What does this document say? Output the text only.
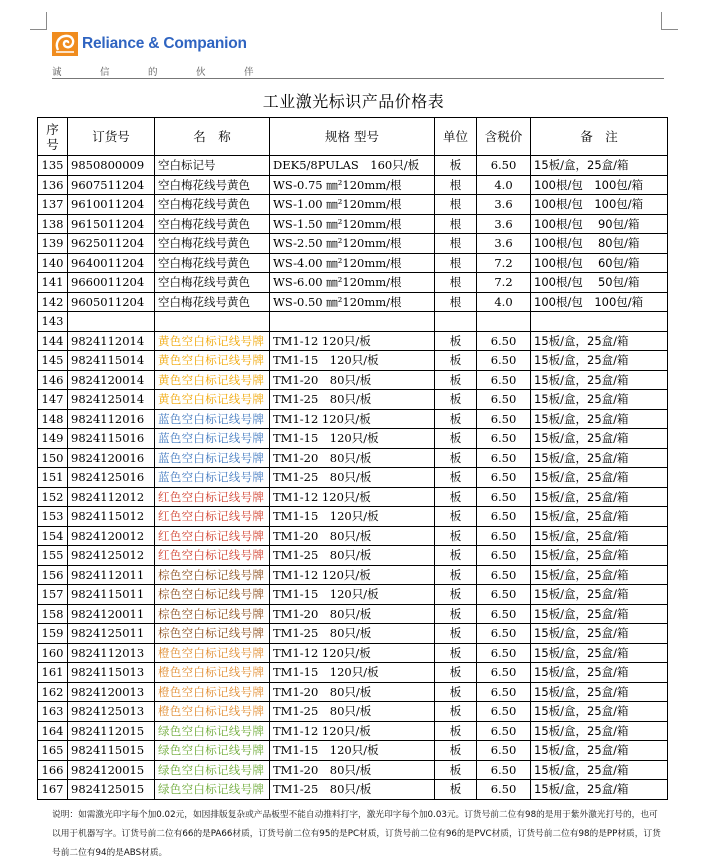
Reliance & Companion
诚	信	的	伙	伴
工业激光标识产品价格表
序号	订货号	名　称	规格 型号	单位	含税价	备　注
135	9850800009	空白标记号	DEK5/8PULAS　160只/板	板	6.50	15板/盒，25盒/箱
136	9607511204	空白梅花线号黄色	WS-0.75 ㎜²120mm/根	根	4.0	100根/包　100包/箱
137	9610011204	空白梅花线号黄色	WS-1.00 ㎜²120mm/根	根	3.6	100根/包　100包/箱
138	9615011204	空白梅花线号黄色	WS-1.50 ㎜²120mm/根	根	3.6	100根/包　 90包/箱
139	9625011204	空白梅花线号黄色	WS-2.50 ㎜²120mm/根	根	3.6	100根/包　 80包/箱
140	9640011204	空白梅花线号黄色	WS-4.00 ㎜²120mm/根	根	7.2	100根/包　 60包/箱
141	9660011204	空白梅花线号黄色	WS-6.00 ㎜²120mm/根	根	7.2	100根/包　 50包/箱
142	9605011204	空白梅花线号黄色	WS-0.50 ㎜²120mm/根	根	4.0	100根/包　100包/箱
143						
144	9824112014	黄色空白标记线号牌	TM1-12 120只/板	板	6.50	15板/盒，25盒/箱
145	9824115014	黄色空白标记线号牌	TM1-15　120只/板	板	6.50	15板/盒，25盒/箱
146	9824120014	黄色空白标记线号牌	TM1-20　80只/板	板	6.50	15板/盒，25盒/箱
147	9824125014	黄色空白标记线号牌	TM1-25　80只/板	板	6.50	15板/盒，25盒/箱
148	9824112016	蓝色空白标记线号牌	TM1-12 120只/板	板	6.50	15板/盒，25盒/箱
149	9824115016	蓝色空白标记线号牌	TM1-15　120只/板	板	6.50	15板/盒，25盒/箱
150	9824120016	蓝色空白标记线号牌	TM1-20　80只/板	板	6.50	15板/盒，25盒/箱
151	9824125016	蓝色空白标记线号牌	TM1-25　80只/板	板	6.50	15板/盒，25盒/箱
152	9824112012	红色空白标记线号牌	TM1-12 120只/板	板	6.50	15板/盒，25盒/箱
153	9824115012	红色空白标记线号牌	TM1-15　120只/板	板	6.50	15板/盒，25盒/箱
154	9824120012	红色空白标记线号牌	TM1-20　80只/板	板	6.50	15板/盒，25盒/箱
155	9824125012	红色空白标记线号牌	TM1-25　80只/板	板	6.50	15板/盒，25盒/箱
156	9824112011	棕色空白标记线号牌	TM1-12 120只/板	板	6.50	15板/盒，25盒/箱
157	9824115011	棕色空白标记线号牌	TM1-15　120只/板	板	6.50	15板/盒，25盒/箱
158	9824120011	棕色空白标记线号牌	TM1-20　80只/板	板	6.50	15板/盒，25盒/箱
159	9824125011	棕色空白标记线号牌	TM1-25　80只/板	板	6.50	15板/盒，25盒/箱
160	9824112013	橙色空白标记线号牌	TM1-12 120只/板	板	6.50	15板/盒，25盒/箱
161	9824115013	橙色空白标记线号牌	TM1-15　120只/板	板	6.50	15板/盒，25盒/箱
162	9824120013	橙色空白标记线号牌	TM1-20　80只/板	板	6.50	15板/盒，25盒/箱
163	9824125013	橙色空白标记线号牌	TM1-25　80只/板	板	6.50	15板/盒，25盒/箱
164	9824112015	绿色空白标记线号牌	TM1-12 120只/板	板	6.50	15板/盒，25盒/箱
165	9824115015	绿色空白标记线号牌	TM1-15　120只/板	板	6.50	15板/盒，25盒/箱
166	9824120015	绿色空白标记线号牌	TM1-20　80只/板	板	6.50	15板/盒，25盒/箱
167	9824125015	绿色空白标记线号牌	TM1-25　80只/板	板	6.50	15板/盒，25盒/箱
说明：如需激光印字每个加0.02元，如因排版复杂或产品板型不能自动推料打字，激光印字每个加0.03元。订货号前二位有98的是用于紫外激光打号的，也可以用于机器写字。订货号前二位有66的是PA66材质，订货号前二位有95的是PC材质，订货号前二位有96的是PVC材质，订货号前二位有98的是PP材质，订货号前二位有94的是ABS材质。
